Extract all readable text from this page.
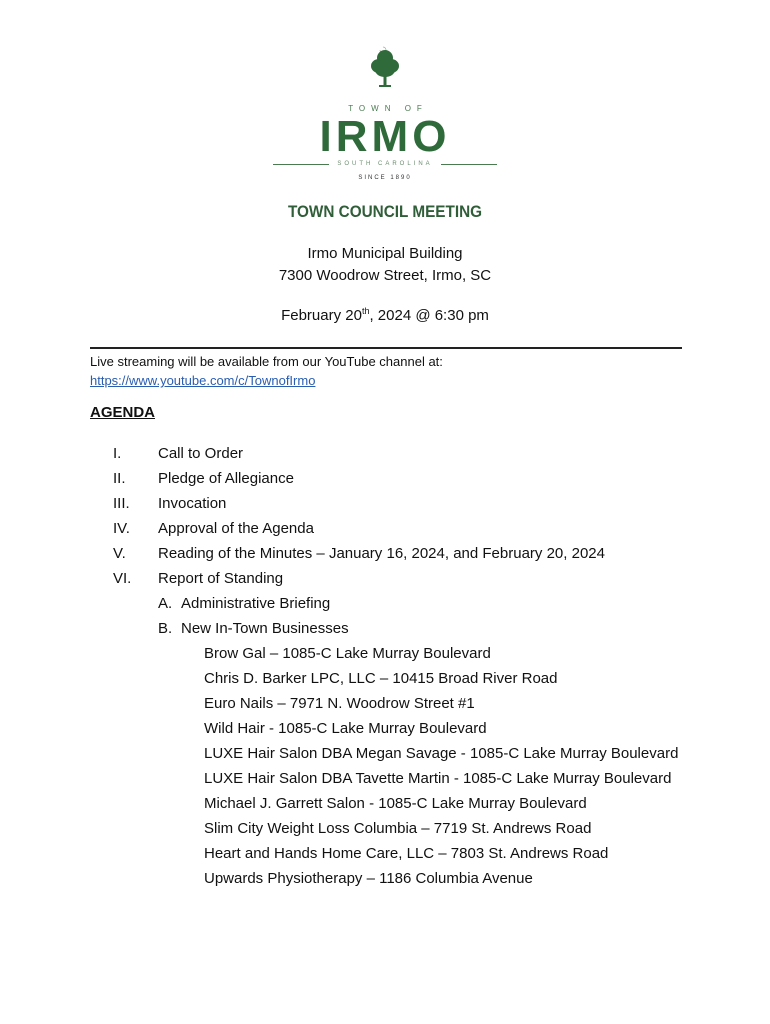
TOWN OF
IRMO
SOUTH CAROLINA
SINCE 1890
TOWN COUNCIL MEETING
Irmo Municipal Building
7300 Woodrow Street, Irmo, SC
February 20th, 2024 @ 6:30 pm
Live streaming will be available from our YouTube channel at:
https://www.youtube.com/c/TownofIrmo
AGENDA
I. Call to Order
II. Pledge of Allegiance
III. Invocation
IV. Approval of the Agenda
V. Reading of the Minutes – January 16, 2024, and February 20, 2024
VI. Report of Standing
A. Administrative Briefing
B. New In-Town Businesses
Brow Gal – 1085-C Lake Murray Boulevard
Chris D. Barker LPC, LLC – 10415 Broad River Road
Euro Nails – 7971 N. Woodrow Street #1
Wild Hair - 1085-C Lake Murray Boulevard
LUXE Hair Salon DBA Megan Savage - 1085-C Lake Murray Boulevard
LUXE Hair Salon DBA Tavette Martin - 1085-C Lake Murray Boulevard
Michael J. Garrett Salon - 1085-C Lake Murray Boulevard
Slim City Weight Loss Columbia – 7719 St. Andrews Road
Heart and Hands Home Care, LLC – 7803 St. Andrews Road
Upwards Physiotherapy – 1186 Columbia Avenue
